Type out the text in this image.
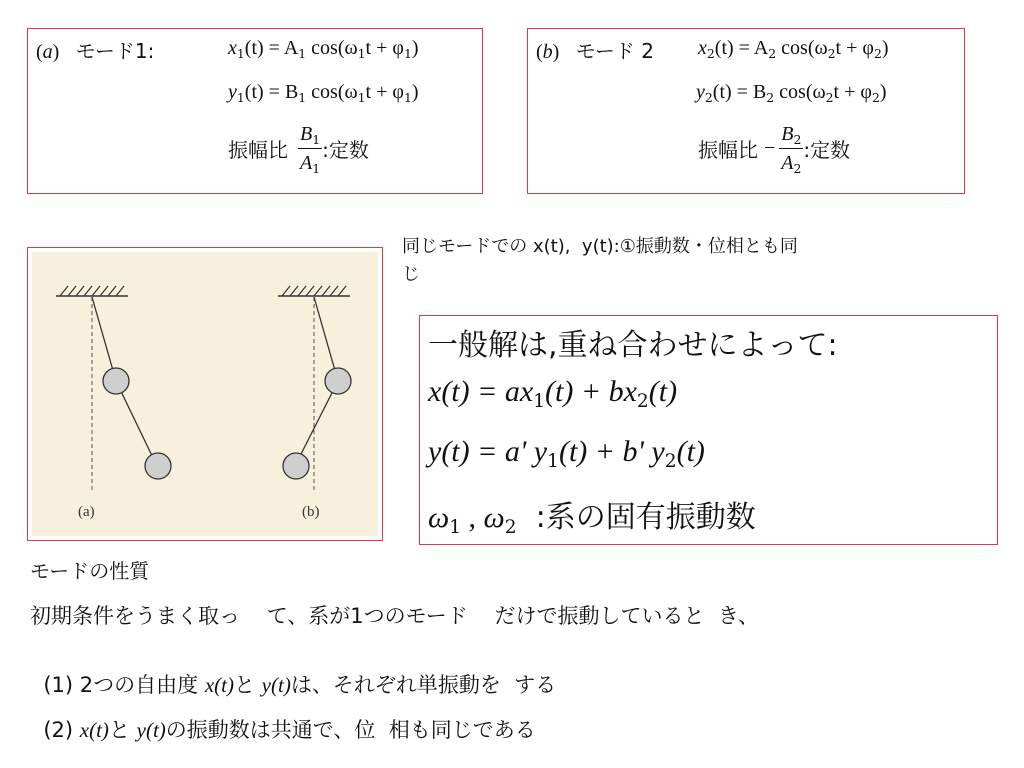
(a) モード1:	$x_1(t) = A_1$ $\cos(\omega_1t + \varphi_1)$
$y_1(t) = B_1$ $\cos(\omega_1t + \varphi_1)$
振幅比 $\frac{B_1}{A_1}$ :定数
(b) モード 2 $x_2(t) = A_2$ $\cos(\omega_2t + \varphi_2)$
$y_2(t) = B_2$ $\cos(\omega_2t + \varphi_2)$
振幅比 − $\frac{B_2}{A_2}$ :定数
(a)	(b)
同じモードでの x(t),  y(t):①振動数・位相とも同
じ
一般解は,重ね合わせによって:
$x(t) = ax_1(t) + bx_2(t)$
y(t) = a' $y_1(t) + b'$ $y_2(t)$
$\omega_1$ , $\omega_2$  :系の固有振動数
モードの性質
初期条件をうまく取っ    て、系が1つのモード    だけで振動していると  き、

(1) 2つの自由度 x(t)と y(t)は、それぞれ単振動を  する

(2) x(t)と y(t)の振動数は共通で、位  相も同じである
